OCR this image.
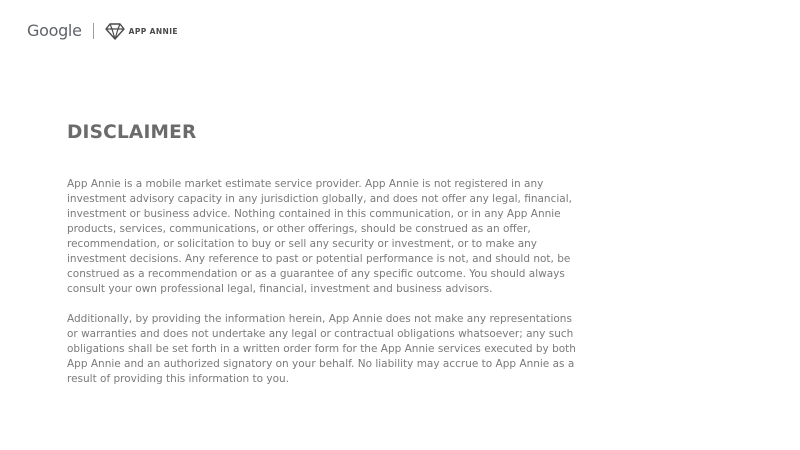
Google	APP ANNIE
DISCLAIMER

App Annie is a mobile market estimate service provider. App Annie is not registered in any investment advisory capacity in any jurisdiction globally, and does not offer any legal, financial, investment or business advice. Nothing contained in this communication, or in any App Annie products, services, communications, or other offerings, should be construed as an offer, recommendation, or solicitation to buy or sell any security or investment, or to make any investment decisions. Any reference to past or potential performance is not, and should not, be construed as a recommendation or as a guarantee of any specific outcome. You should always consult your own professional legal, financial, investment and business advisors.

Additionally, by providing the information herein, App Annie does not make any representations or warranties and does not undertake any legal or contractual obligations whatsoever; any such obligations shall be set forth in a written order form for the App Annie services executed by both App Annie and an authorized signatory on your behalf. No liability may accrue to App Annie as a result of providing this information to you.
